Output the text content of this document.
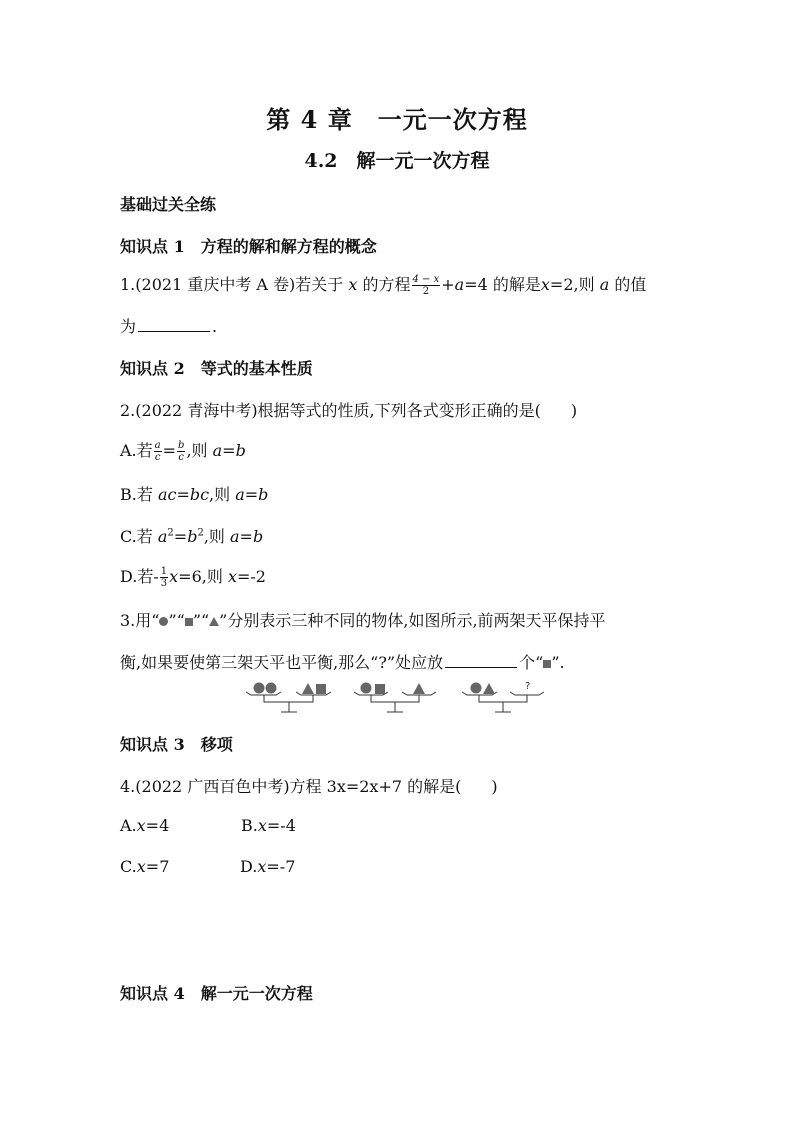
第 4 章　一元一次方程
4.2　解一元一次方程
基础过关全练
知识点 1　方程的解和解方程的概念
1.(2021 重庆中考 A 卷)若关于 x 的方程 $\frac{4 - x}{2} +a=4$ 的解是x=2,则 a 的值
为	.
知识点 2　等式的基本性质
2.(2022 青海中考)根据等式的性质,下列各式变形正确的是( )
A.若 $\frac{a}{c} = \frac{b}{c}$ ,则 a=b
B.若 ac=bc,则 a=b
C.若 $a^2=b^2$,则 a=b
D.若- $\frac{1}{3} x=6$,则 x=-2
3.用“ ”“ ”“ ”分别表示三种不同的物体,如图所示,前两架天平保持平
衡,如果要使第三架天平也平衡,那么“?”处应放	个“ ”.
?
知识点 3　移项
4.(2022 广西百色中考)方程 3x=2x+7 的解是( )
A.x=4	B.x=-4
C.x=7	D.x=-7
知识点 4　解一元一次方程
